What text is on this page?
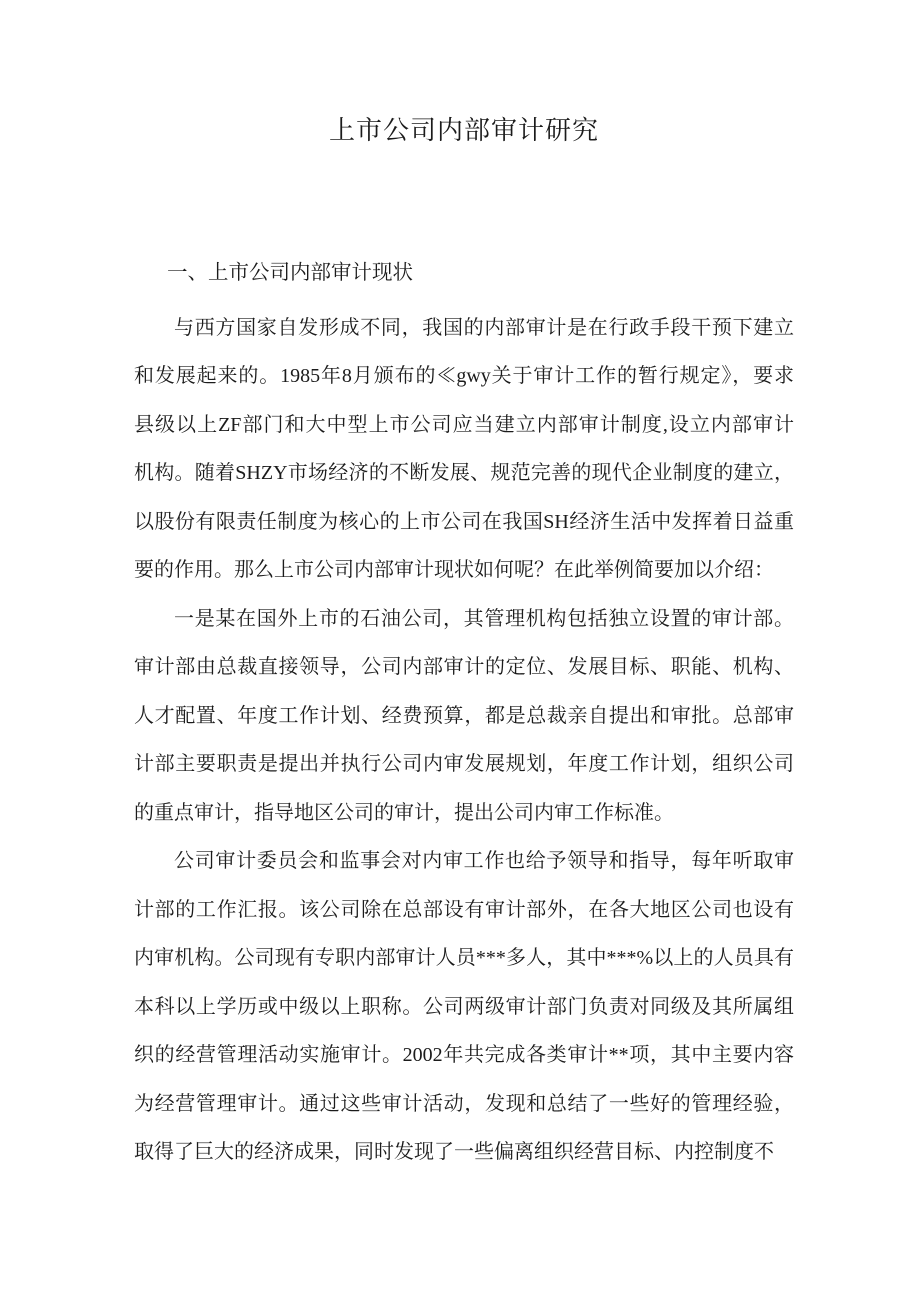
上市公司内部审计研究
一、上市公司内部审计现状
与西方国家自发形成不同，我国的内部审计是在行政手段干预下建立
和发展起来的。1985年8月颁布的≪gwy关于审计工作的暂行规定》，要求
县级以上ZF部门和大中型上市公司应当建立内部审计制度,设立内部审计
机构。随着SHZY市场经济的不断发展、规范完善的现代企业制度的建立，
以股份有限责任制度为核心的上市公司在我国SH经济生活中发挥着日益重
要的作用。那么上市公司内部审计现状如何呢？在此举例简要加以介绍：
一是某在国外上市的石油公司，其管理机构包括独立设置的审计部。
审计部由总裁直接领导，公司内部审计的定位、发展目标、职能、机构、
人才配置、年度工作计划、经费预算，都是总裁亲自提出和审批。总部审
计部主要职责是提出并执行公司内审发展规划，年度工作计划，组织公司
的重点审计，指导地区公司的审计，提出公司内审工作标准。
公司审计委员会和监事会对内审工作也给予领导和指导，每年听取审
计部的工作汇报。该公司除在总部设有审计部外，在各大地区公司也设有
内审机构。公司现有专职内部审计人员***多人，其中***%以上的人员具有
本科以上学历或中级以上职称。公司两级审计部门负责对同级及其所属组
织的经营管理活动实施审计。2002年共完成各类审计**项，其中主要内容
为经营管理审计。通过这些审计活动，发现和总结了一些好的管理经验，
取得了巨大的经济成果，同时发现了一些偏离组织经营目标、内控制度不
